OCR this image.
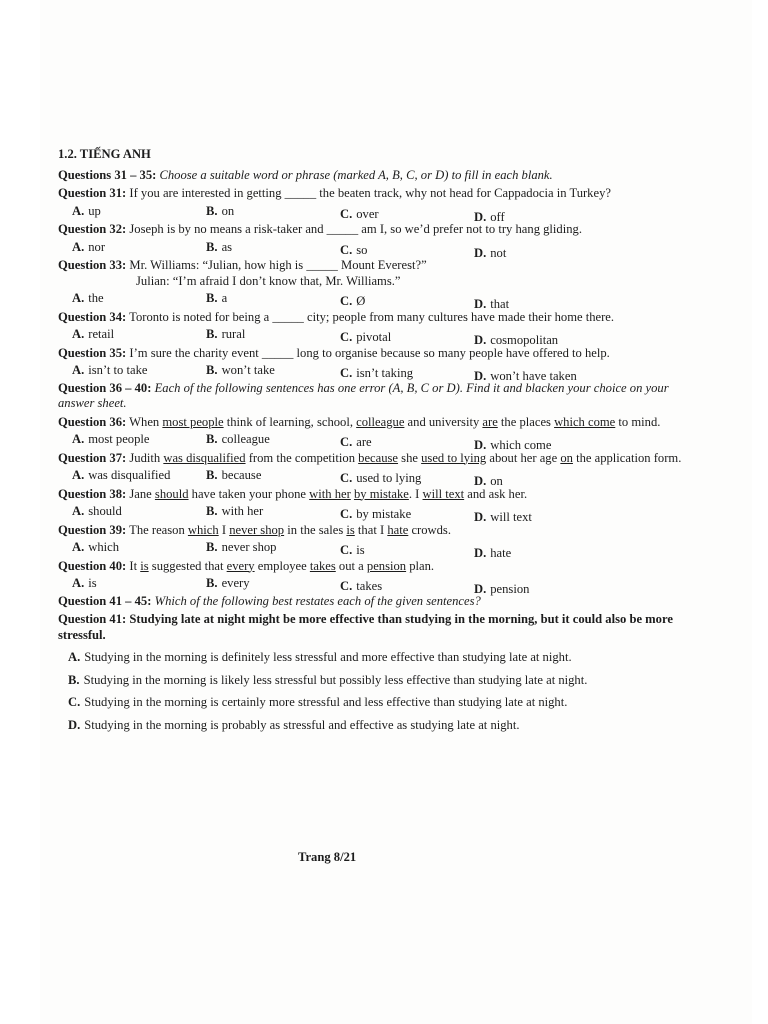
1.2. TIẾNG ANH
Questions 31 – 35: Choose a suitable word or phrase (marked A, B, C, or D) to fill in each blank.
Question 31: If you are interested in getting _____ the beaten track, why not head for Cappadocia in Turkey?
A. up	B. on	C. over	D. off
Question 32: Joseph is by no means a risk-taker and _____ am I, so we’d prefer not to try hang gliding.
A. nor	B. as	C. so	D. not
Question 33: Mr. Williams: “Julian, how high is _____ Mount Everest?”
Julian: “I’m afraid I don’t know that, Mr. Williams.”
A. the	B. a	C. Ø	D. that
Question 34: Toronto is noted for being a _____ city; people from many cultures have made their home there.
A. retail	B. rural	C. pivotal	D. cosmopolitan
Question 35: I’m sure the charity event _____ long to organise because so many people have offered to help.
A. isn’t to take	B. won’t take	C. isn’t taking	D. won’t have taken
Question 36 – 40: Each of the following sentences has one error (A, B, C or D). Find it and blacken your choice on your answer sheet.
Question 36: When most people think of learning, school, colleague and university are the places which come to mind.
A. most people	B. colleague	C. are	D. which come
Question 37: Judith was disqualified from the competition because she used to lying about her age on the application form.
A. was disqualified	B. because	C. used to lying	D. on
Question 38: Jane should have taken your phone with her by mistake. I will text and ask her.
A. should	B. with her	C. by mistake	D. will text
Question 39: The reason which I never shop in the sales is that I hate crowds.
A. which	B. never shop	C. is	D. hate
Question 40: It is suggested that every employee takes out a pension plan.
A. is	B. every	C. takes	D. pension
Question 41 – 45: Which of the following best restates each of the given sentences?
Question 41: Studying late at night might be more effective than studying in the morning, but it could also be more stressful.
A. Studying in the morning is definitely less stressful and more effective than studying late at night.
B. Studying in the morning is likely less stressful but possibly less effective than studying late at night.
C. Studying in the morning is certainly more stressful and less effective than studying late at night.
D. Studying in the morning is probably as stressful and effective as studying late at night.
Trang 8/21
